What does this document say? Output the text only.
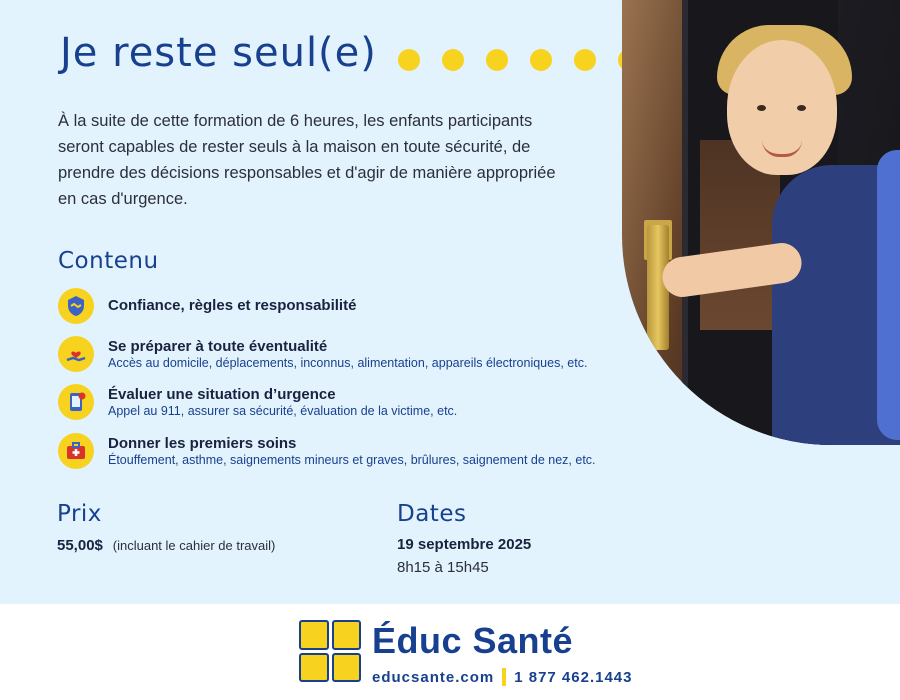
Je reste seul(e)

À la suite de cette formation de 6 heures, les enfants participants seront capables de rester seuls à la maison en toute sécurité, de prendre des décisions responsables et d'agir de manière appropriée en cas d'urgence.

Contenu
Confiance, règles et responsabilité
Se préparer à toute éventualité
Accès au domicile, déplacements, inconnus, alimentation, appareils électroniques, etc.
Évaluer une situation d’urgence
Appel au 911, assurer sa sécurité, évaluation de la victime, etc.
Donner les premiers soins
Étouffement, asthme, saignements mineurs et graves, brûlures, saignement de nez, etc.
Prix
55,00$ (incluant le cahier de travail)
Dates
19 septembre 2025
8h15 à 15h45
Éduc Santé
educsante.com 1 877 462.1443
